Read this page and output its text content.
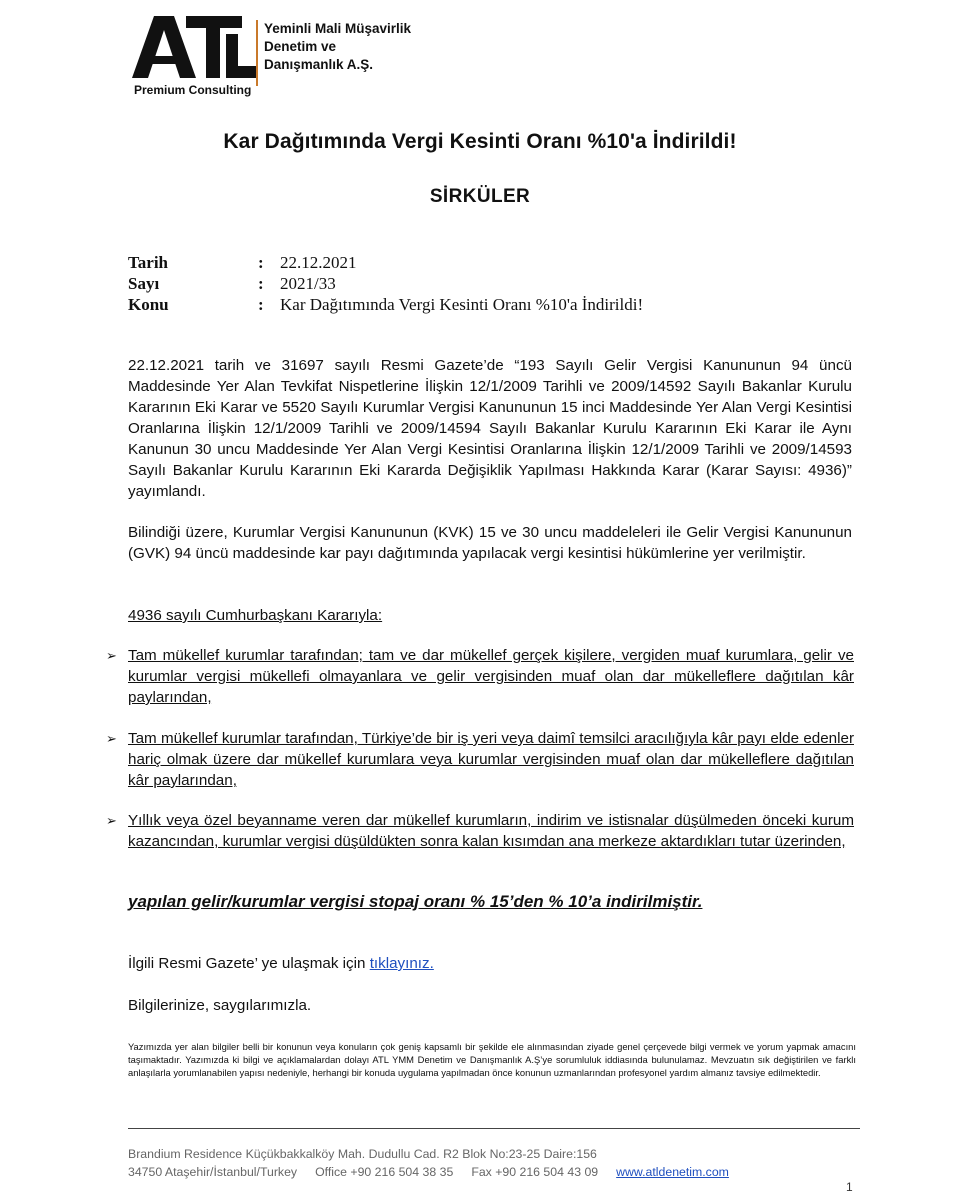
Premium Consulting
Yeminli Mali Müşavirlik
Denetim ve
Danışmanlık A.Ş.
Kar Dağıtımında Vergi Kesinti Oranı %10'a İndirildi!
SİRKÜLER
Tarih	: 22.12.2021
Sayı	: 2021/33
Konu	: Kar Dağıtımında Vergi Kesinti Oranı %10'a İndirildi!

22.12.2021 tarih ve 31697 sayılı Resmi Gazete’de “193 Sayılı Gelir Vergisi Kanununun 94 üncü Maddesinde Yer Alan Tevkifat Nispetlerine İlişkin 12/1/2009 Tarihli ve 2009/14592 Sayılı Bakanlar Kurulu Kararının Eki Karar ve 5520 Sayılı Kurumlar Vergisi Kanununun 15 inci Maddesinde Yer Alan Vergi Kesintisi Oranlarına İlişkin 12/1/2009 Tarihli ve 2009/14594 Sayılı Bakanlar Kurulu Kararının Eki Karar ile Aynı Kanunun 30 uncu Maddesinde Yer Alan Vergi Kesintisi Oranlarına İlişkin 12/1/2009 Tarihli ve 2009/14593 Sayılı Bakanlar Kurulu Kararının Eki Kararda Değişiklik Yapılması Hakkında Karar (Karar Sayısı: 4936)” yayımlandı.

Bilindiği üzere, Kurumlar Vergisi Kanununun (KVK) 15 ve 30 uncu maddeleleri ile Gelir Vergisi Kanununun (GVK) 94 üncü maddesinde kar payı dağıtımında yapılacak vergi kesintisi hükümlerine yer verilmiştir.

4936 sayılı Cumhurbaşkanı Kararıyla:

➢ Tam mükellef kurumlar tarafından; tam ve dar mükellef gerçek kişilere, vergiden muaf kurumlara, gelir ve kurumlar vergisi mükellefi olmayanlara ve gelir vergisinden muaf olan dar mükelleflere dağıtılan kâr paylarından,
➢ Tam mükellef kurumlar tarafından, Türkiye’de bir iş yeri veya daimî temsilci aracılığıyla kâr payı elde edenler hariç olmak üzere dar mükellef kurumlara veya kurumlar vergisinden muaf olan dar mükelleflere dağıtılan kâr paylarından,
➢ Yıllık veya özel beyanname veren dar mükellef kurumların, indirim ve istisnalar düşülmeden önceki kurum kazancından, kurumlar vergisi düşüldükten sonra kalan kısımdan ana merkeze aktardıkları tutar üzerinden,
yapılan gelir/kurumlar vergisi stopaj oranı % 15’den % 10’a indirilmiştir.
İlgili Resmi Gazete’ ye ulaşmak için tıklayınız.
Bilgilerinize, saygılarımızla.

Yazımızda yer alan bilgiler belli bir konunun veya konuların çok geniş kapsamlı bir şekilde ele alınmasından ziyade genel çerçevede bilgi vermek ve yorum yapmak amacını taşımaktadır. Yazımızda ki bilgi ve açıklamalardan dolayı ATL YMM Denetim ve Danışmanlık A.Ş’ye sorumluluk iddiasında bulunulamaz. Mevzuatın sık değiştirilen ve farklı anlaşılarla yorumlanabilen yapısı nedeniyle, herhangi bir konuda uygulama yapılmadan önce konunun uzmanlarından profesyonel yardım almanız tavsiye edilmektedir.

Brandium Residence Küçükbakkalköy Mah. Dudullu Cad. R2 Blok No:23-25 Daire:156
34750 Ataşehir/İstanbul/Turkey Office +90 216 504 38 35 Fax +90 216 504 43 09 www.atldenetim.com
1
